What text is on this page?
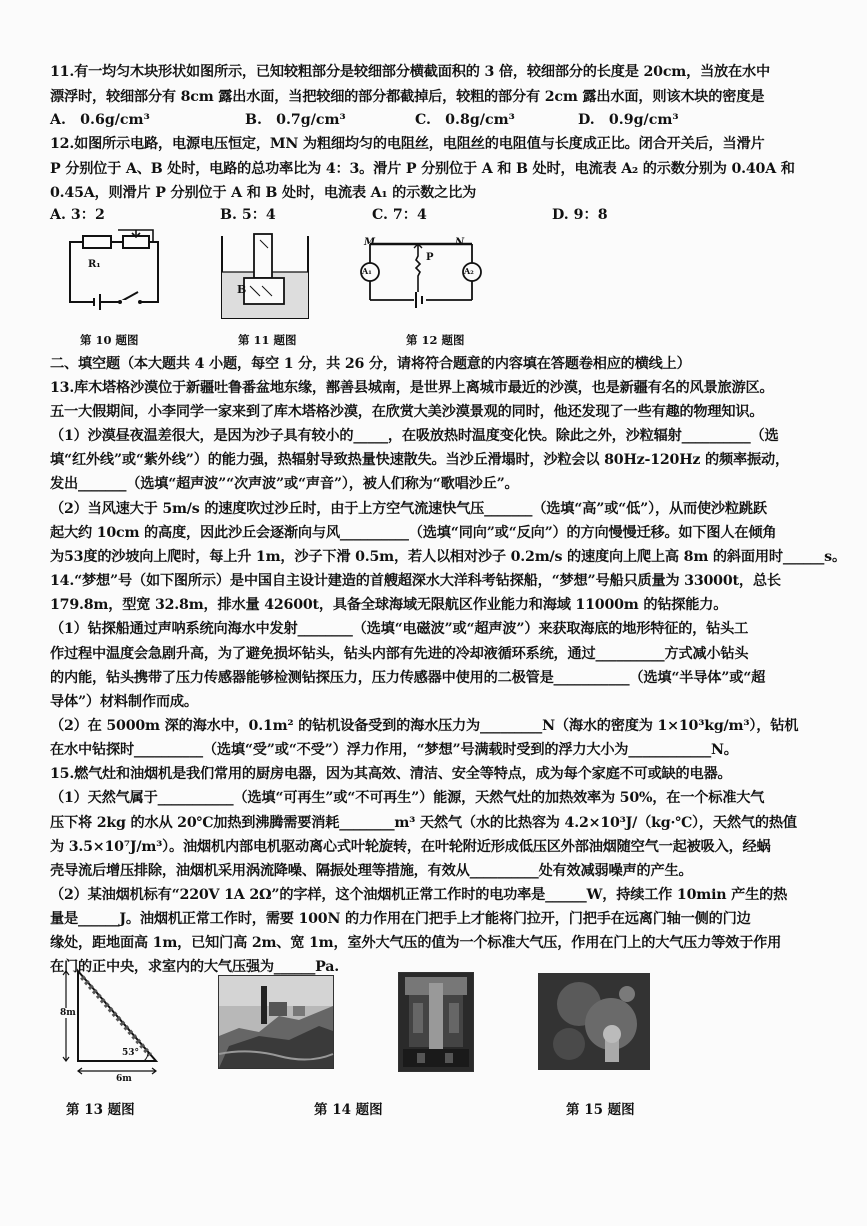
11.有一均匀木块形状如图所示，已知较粗部分是较细部分横截面积的 3 倍，较细部分的长度是 20cm，当放在水中
漂浮时，较细部分有 8cm 露出水面，当把较细的部分都截掉后，较粗的部分有 2cm 露出水面，则该木块的密度是
A.　0.6g/cm³	B.　0.7g/cm³	C.　0.8g/cm³	D.　0.9g/cm³
12.如图所示电路，电源电压恒定，MN 为粗细均匀的电阻丝，电阻丝的电阻值与长度成正比。闭合开关后，当滑片
P 分别位于 A、B 处时，电路的总功率比为 4：3。滑片 P 分别位于 A 和 B 处时，电流表 A₂ 的示数分别为 0.40A 和
0.45A，则滑片 P 分别位于 A 和 B 处时，电流表 A₁ 的示数之比为
A. 3：2	B. 5：4	C. 7：4	D. 9：8
R₁
B
M	N
P
A₁	A₂
第 10 题图	第 11 题图	第 12 题图
二、填空题（本大题共 4 小题，每空 1 分，共 26 分，请将符合题意的内容填在答题卷相应的横线上）
13.库木塔格沙漠位于新疆吐鲁番盆地东缘，鄯善县城南，是世界上离城市最近的沙漠，也是新疆有名的风景旅游区。
五一大假期间，小李同学一家来到了库木塔格沙漠，在欣赏大美沙漠景观的同时，他还发现了一些有趣的物理知识。
（1）沙漠昼夜温差很大，是因为沙子具有较小的_____，在吸放热时温度变化快。除此之外，沙粒辐射__________（选
填“红外线”或“紫外线”）的能力强，热辐射导致热量快速散失。当沙丘滑塌时，沙粒会以 80Hz-120Hz 的频率振动，
发出_______（选填“超声波”“次声波”或“声音”），被人们称为“歌唱沙丘”。
（2）当风速大于 5m/s 的速度吹过沙丘时，由于上方空气流速快气压_______（选填“高”或“低”），从而使沙粒跳跃
起大约 10cm 的高度，因此沙丘会逐渐向与风__________（选填“同向”或“反向”）的方向慢慢迁移。如下图人在倾角
为53度的沙坡向上爬时，每上升 1m，沙子下滑 0.5m，若人以相对沙子 0.2m/s 的速度向上爬上高 8m 的斜面用时______s。
14.“梦想”号（如下图所示）是中国自主设计建造的首艘超深水大洋科考钻探船，“梦想”号船只质量为 33000t，总长
179.8m，型宽 32.8m，排水量 42600t，具备全球海域无限航区作业能力和海域 11000m 的钻探能力。
（1）钻探船通过声呐系统向海水中发射________（选填“电磁波”或“超声波”）来获取海底的地形特征的，钻头工
作过程中温度会急剧升高，为了避免损坏钻头，钻头内部有先进的冷却液循环系统，通过__________方式减小钻头
的内能，钻头携带了压力传感器能够检测钻探压力，压力传感器中使用的二极管是___________（选填“半导体”或“超
导体”）材料制作而成。
（2）在 5000m 深的海水中，0.1m² 的钻机设备受到的海水压力为_________N（海水的密度为 1×10³kg/m³），钻机
在水中钻探时__________（选填“受”或“不受”）浮力作用，“梦想”号满载时受到的浮力大小为____________N。
15.燃气灶和油烟机是我们常用的厨房电器，因为其高效、清洁、安全等特点，成为每个家庭不可或缺的电器。
（1）天然气属于___________（选填“可再生”或“不可再生”）能源，天然气灶的加热效率为 50%，在一个标准大气
压下将 2kg 的水从 20℃加热到沸腾需要消耗________m³ 天然气（水的比热容为 4.2×10³J/（kg·℃），天然气的热值
为 3.5×10⁷J/m³）。油烟机内部电机驱动离心式叶轮旋转，在叶轮附近形成低压区外部油烟随空气一起被吸入，经蜗
壳导流后增压排除，油烟机采用涡流降噪、隔振处理等措施，有效从__________处有效减弱噪声的产生。
（2）某油烟机标有“220V 1A 2Ω”的字样，这个油烟机正常工作时的电功率是______W，持续工作 10min 产生的热
量是______J。油烟机正常工作时，需要 100N 的力作用在门把手上才能将门拉开，门把手在远离门轴一侧的门边
缘处，距地面高 1m，已知门高 2m、宽 1m，室外大气压的值为一个标准大气压，作用在门上的大气压力等效于作用
在门的正中央，求室内的大气压强为______Pa.
8m
6m
53°
第 13 题图	第 14 题图	第 15 题图
